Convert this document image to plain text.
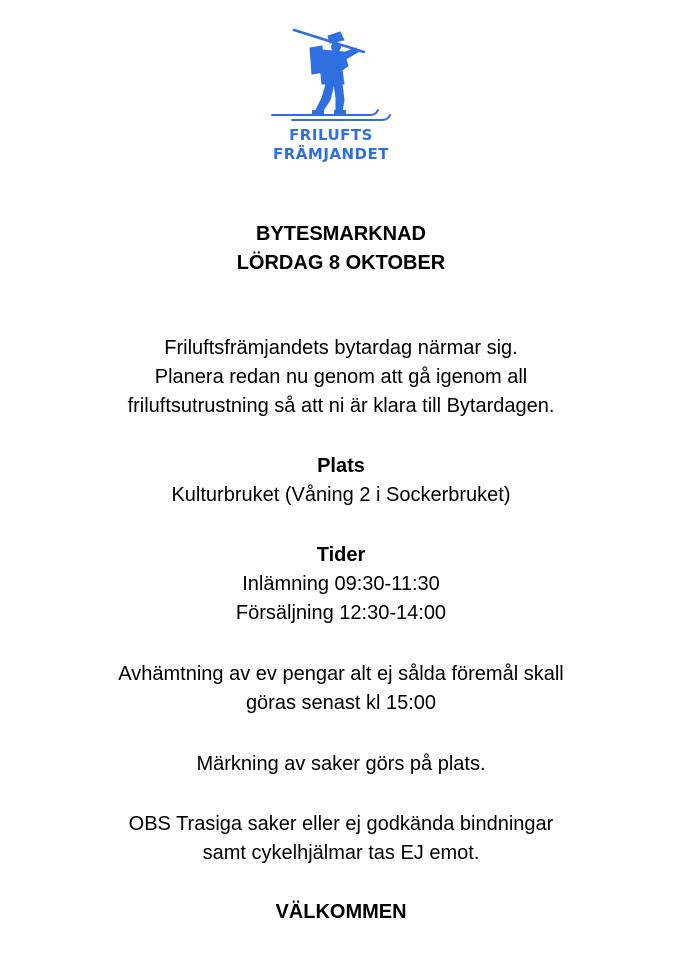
FRILUFTS
FRÄMJANDET
BYTESMARKNAD
LÖRDAG 8 OKTOBER
Friluftsfrämjandets bytardag närmar sig.
Planera redan nu genom att gå igenom all
friluftsutrustning så att ni är klara till Bytardagen.
Plats
Kulturbruket (Våning 2 i Sockerbruket)
Tider
Inlämning 09:30-11:30
Försäljning 12:30-14:00
Avhämtning av ev pengar alt ej sålda föremål skall
göras senast kl 15:00
Märkning av saker görs på plats.
OBS Trasiga saker eller ej godkända bindningar
samt cykelhjälmar tas EJ emot.
VÄLKOMMEN
